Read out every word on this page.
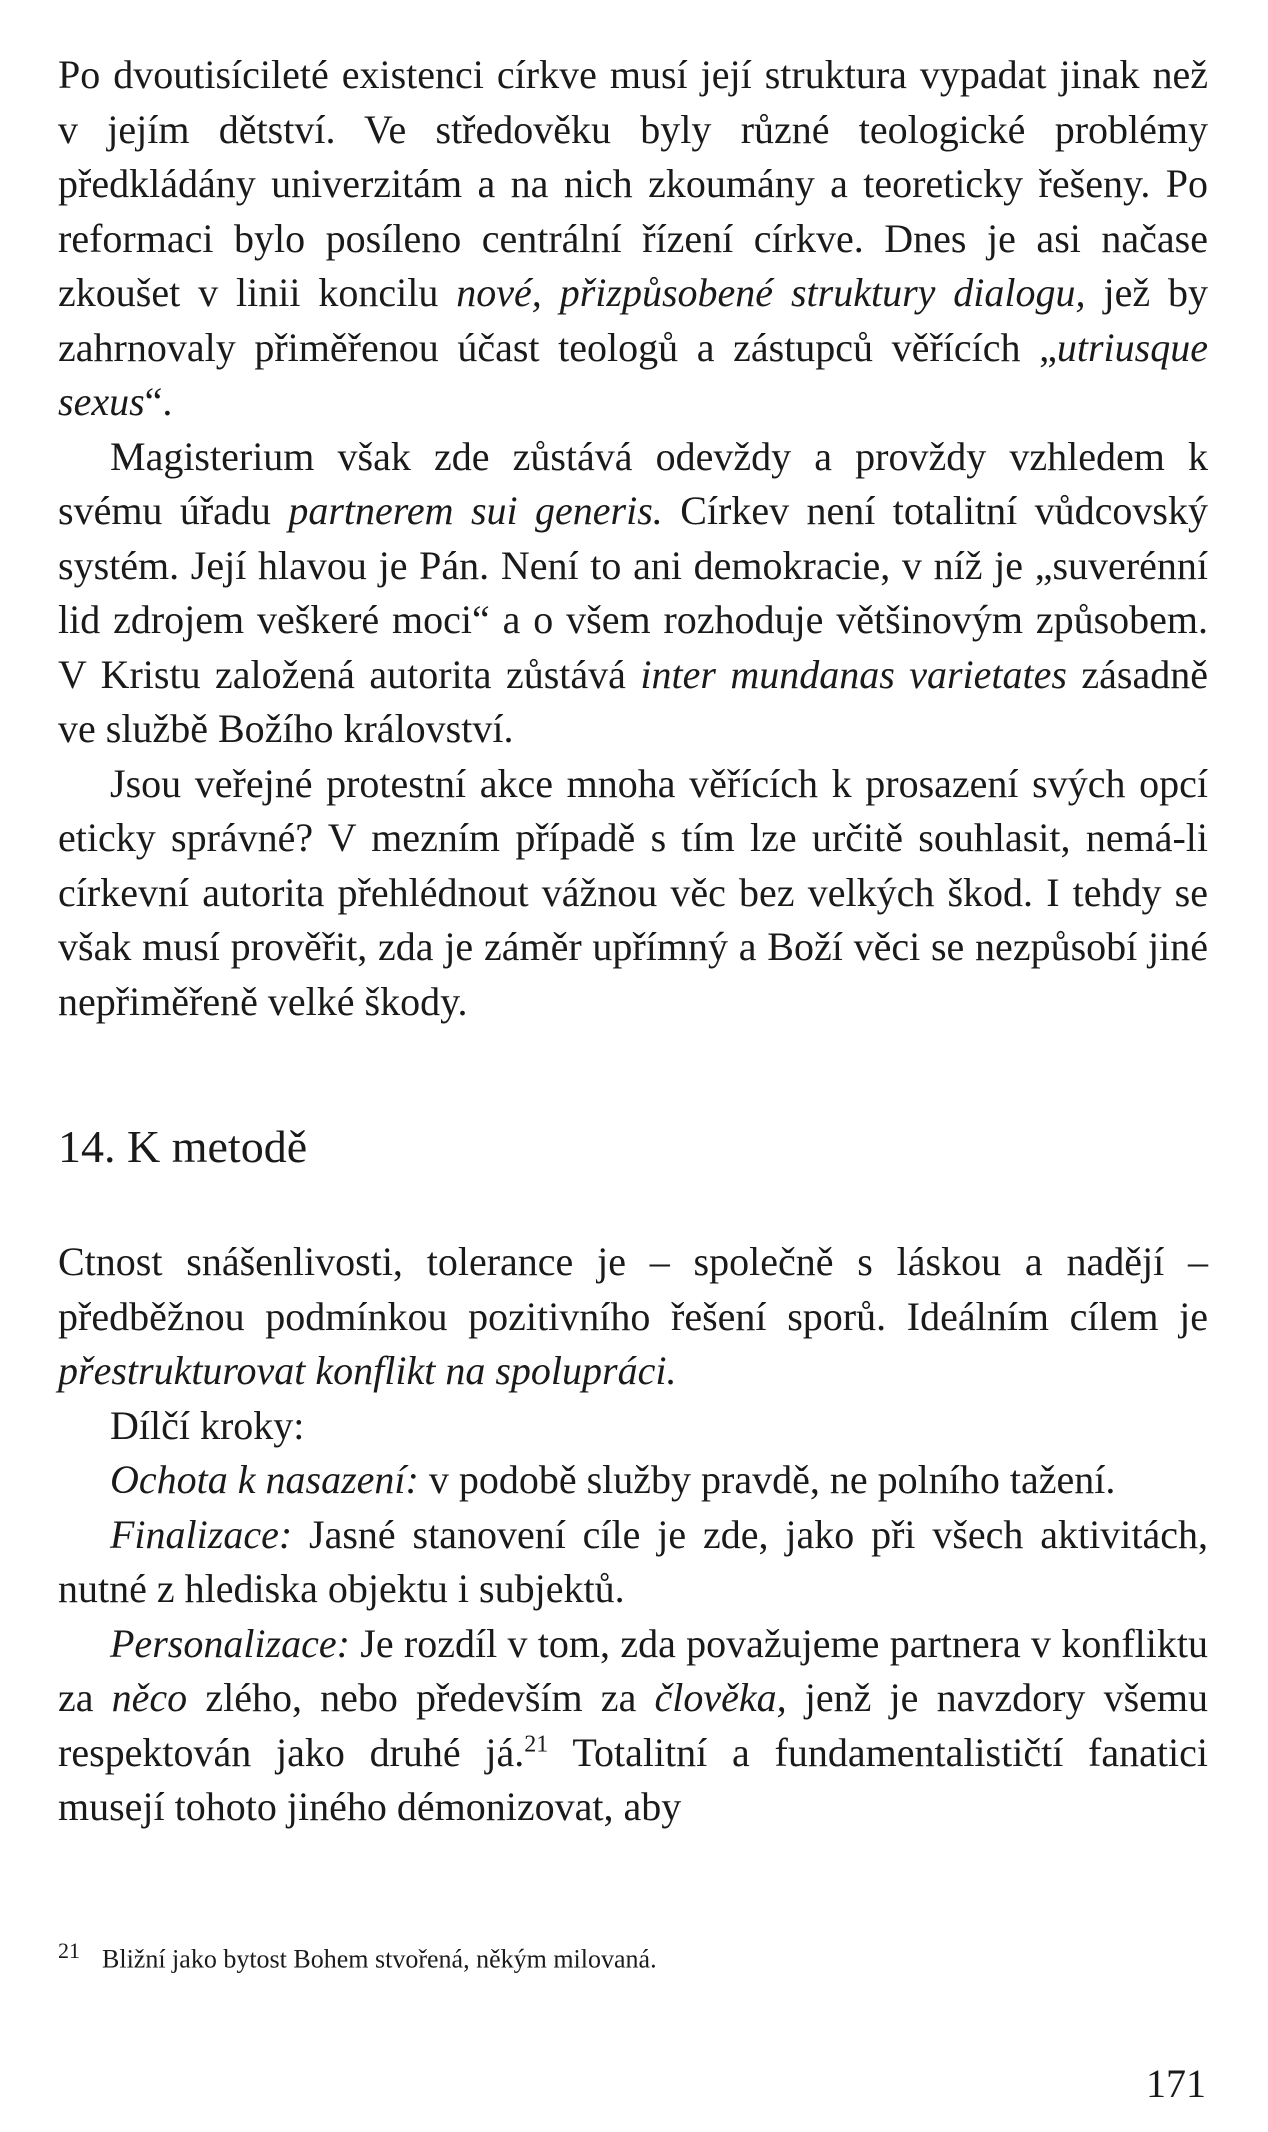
Po dvoutisícileté existenci církve musí její struktura vypadat jinak než v jejím dětství. Ve středověku byly různé teologické problémy předkládány univerzitám a na nich zkoumány a teoreticky řešeny. Po reformaci bylo posíleno centrální řízení církve. Dnes je asi načase zkoušet v linii koncilu nové, přizpůsobené struktury dialogu, jež by zahrnovaly přiměřenou účast teologů a zástupců věřících „utriusque sexus“.

Magisterium však zde zůstává odevždy a provždy vzhledem k svému úřadu partnerem sui generis. Církev není totalitní vůdcovský systém. Její hlavou je Pán. Není to ani demokracie, v níž je „suverénní lid zdrojem veškeré moci“ a o všem rozhoduje většinovým způsobem. V Kristu založená autorita zůstává inter mundanas varietates zásadně ve službě Božího království.

Jsou veřejné protestní akce mnoha věřících k prosazení svých opcí eticky správné? V mezním případě s tím lze určitě souhlasit, nemá-li církevní autorita přehlédnout vážnou věc bez velkých škod. I tehdy se však musí prověřit, zda je záměr upřímný a Boží věci se nezpůsobí jiné nepřiměřeně velké škody.

14. K metodě

Ctnost snášenlivosti, tolerance je – společně s láskou a nadějí – předběžnou podmínkou pozitivního řešení sporů. Ideálním cílem je přestrukturovat konflikt na spolupráci.

Dílčí kroky:

Ochota k nasazení: v podobě služby pravdě, ne polního tažení.

Finalizace: Jasné stanovení cíle je zde, jako při všech aktivitách, nutné z hlediska objektu i subjektů.

Personalizace: Je rozdíl v tom, zda považujeme partnera v konfliktu za něco zlého, nebo především za člověka, jenž je navzdory všemu respektován jako druhé já.$^{21}$ Totalitní a fundamentalističtí fanatici musejí tohoto jiného démonizovat, aby

$^{21}$ Bližní jako bytost Bohem stvořená, někým milovaná.
171
